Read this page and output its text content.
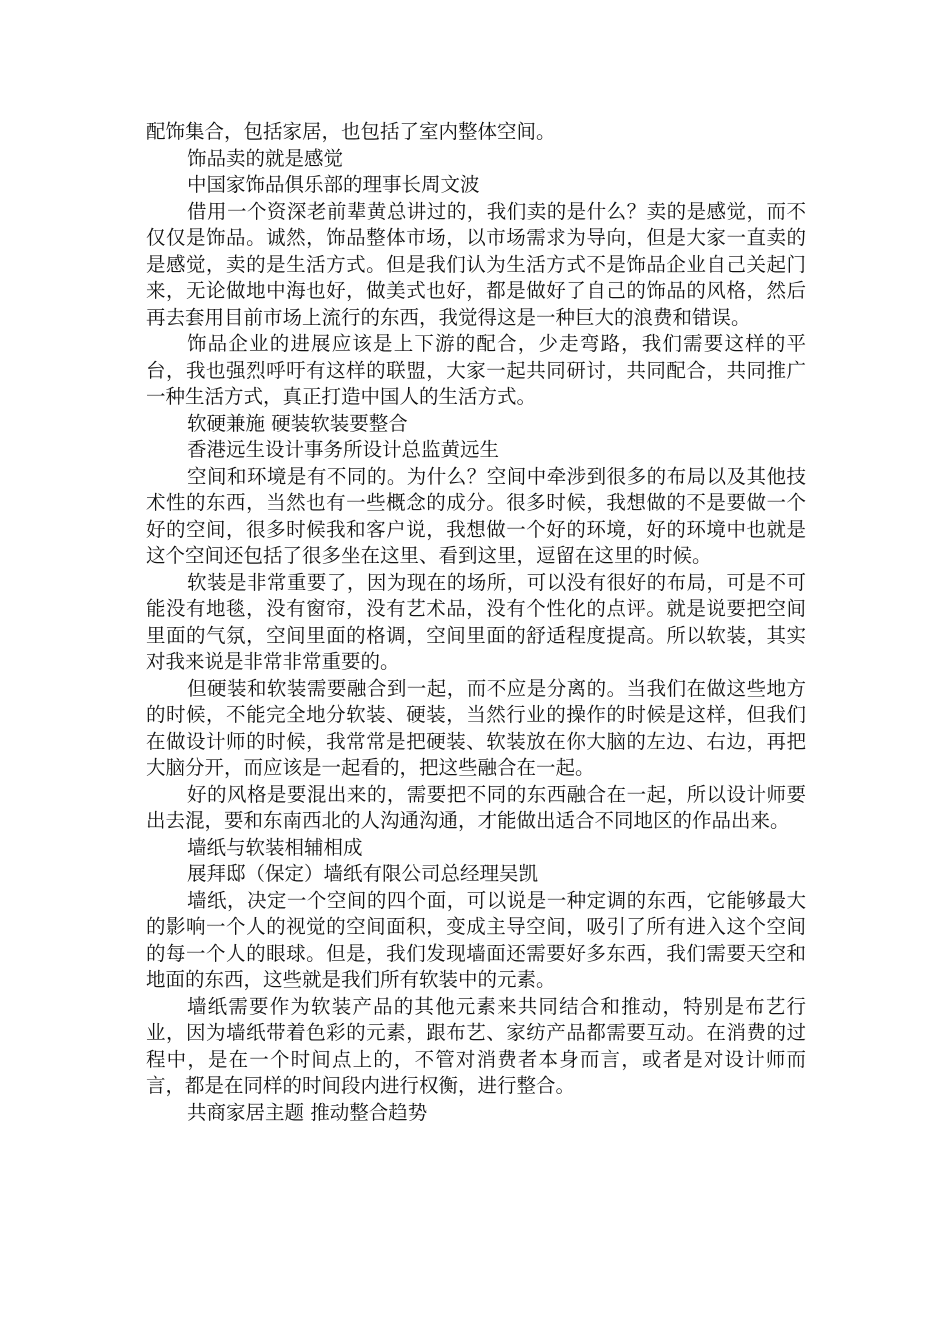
配饰集合，包括家居，也包括了室内整体空间。

饰品卖的就是感觉

中国家饰品俱乐部的理事长周文波

借用一个资深老前辈黄总讲过的，我们卖的是什么？卖的是感觉，而不仅仅是饰品。诚然，饰品整体市场，以市场需求为导向，但是大家一直卖的是感觉，卖的是生活方式。但是我们认为生活方式不是饰品企业自己关起门来，无论做地中海也好，做美式也好，都是做好了自己的饰品的风格，然后再去套用目前市场上流行的东西，我觉得这是一种巨大的浪费和错误。

饰品企业的进展应该是上下游的配合，少走弯路，我们需要这样的平台，我也强烈呼吁有这样的联盟，大家一起共同研讨，共同配合，共同推广一种生活方式，真正打造中国人的生活方式。

软硬兼施 硬装软装要整合

香港远生设计事务所设计总监黄远生

空间和环境是有不同的。为什么？空间中牵涉到很多的布局以及其他技术性的东西，当然也有一些概念的成分。很多时候，我想做的不是要做一个好的空间，很多时候我和客户说，我想做一个好的环境，好的环境中也就是这个空间还包括了很多坐在这里、看到这里，逗留在这里的时候。

软装是非常重要了，因为现在的场所，可以没有很好的布局，可是不可能没有地毯，没有窗帘，没有艺术品，没有个性化的点评。就是说要把空间里面的气氛，空间里面的格调，空间里面的舒适程度提高。所以软装，其实对我来说是非常非常重要的。

但硬装和软装需要融合到一起，而不应是分离的。当我们在做这些地方的时候，不能完全地分软装、硬装，当然行业的操作的时候是这样，但我们在做设计师的时候，我常常是把硬装、软装放在你大脑的左边、右边，再把大脑分开，而应该是一起看的，把这些融合在一起。

好的风格是要混出来的，需要把不同的东西融合在一起，所以设计师要出去混，要和东南西北的人沟通沟通，才能做出适合不同地区的作品出来。

墙纸与软装相辅相成

展拜邸（保定）墙纸有限公司总经理吴凯

墙纸，决定一个空间的四个面，可以说是一种定调的东西，它能够最大的影响一个人的视觉的空间面积，变成主导空间，吸引了所有进入这个空间的每一个人的眼球。但是，我们发现墙面还需要好多东西，我们需要天空和地面的东西，这些就是我们所有软装中的元素。

墙纸需要作为软装产品的其他元素来共同结合和推动，特别是布艺行业，因为墙纸带着色彩的元素，跟布艺、家纺产品都需要互动。在消费的过程中，是在一个时间点上的，不管对消费者本身而言，或者是对设计师而言，都是在同样的时间段内进行权衡，进行整合。

共商家居主题 推动整合趋势
